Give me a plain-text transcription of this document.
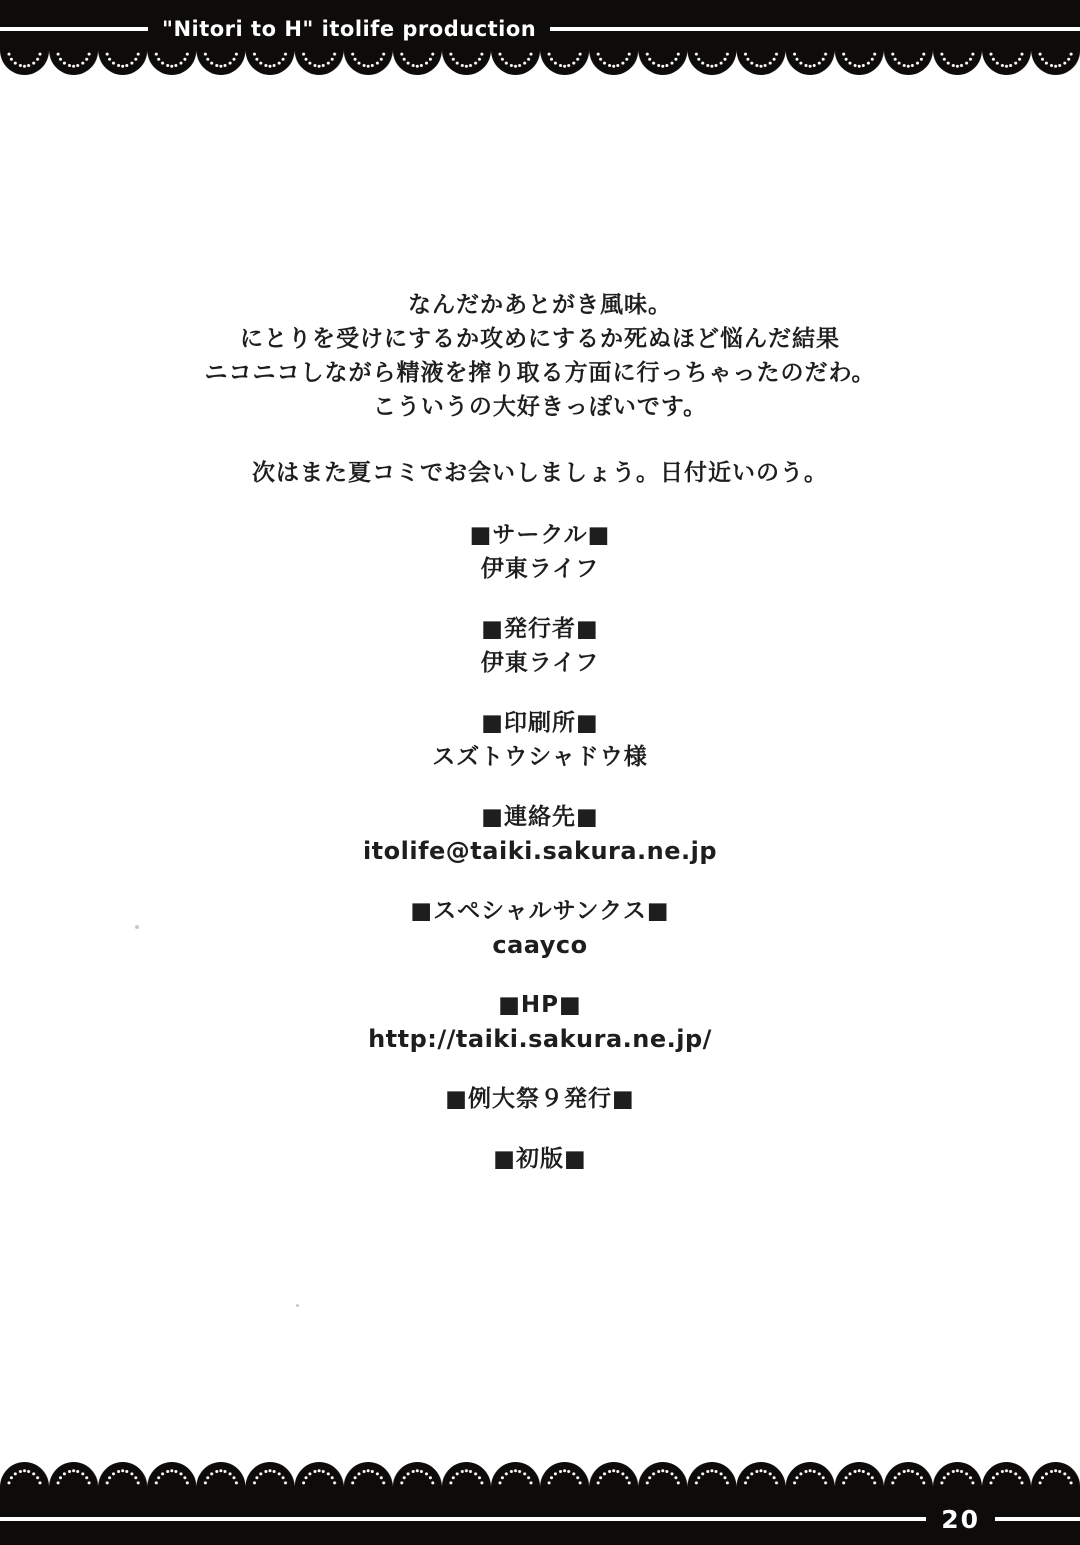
"Nitori to H" itolife production
なんだかあとがき風味。
にとりを受けにするか攻めにするか死ぬほど悩んだ結果
ニコニコしながら精液を搾り取る方面に行っちゃったのだわ。
こういうの大好きっぽいです。
次はまた夏コミでお会いしましょう。日付近いのう。
■サークル■
伊東ライフ
■発行者■
伊東ライフ
■印刷所■
スズトウシャドウ様
■連絡先■
itolife@taiki.sakura.ne.jp
■スペシャルサンクス■
caayco
■HP■
http://taiki.sakura.ne.jp/
■例大祭９発行■
■初版■
20
